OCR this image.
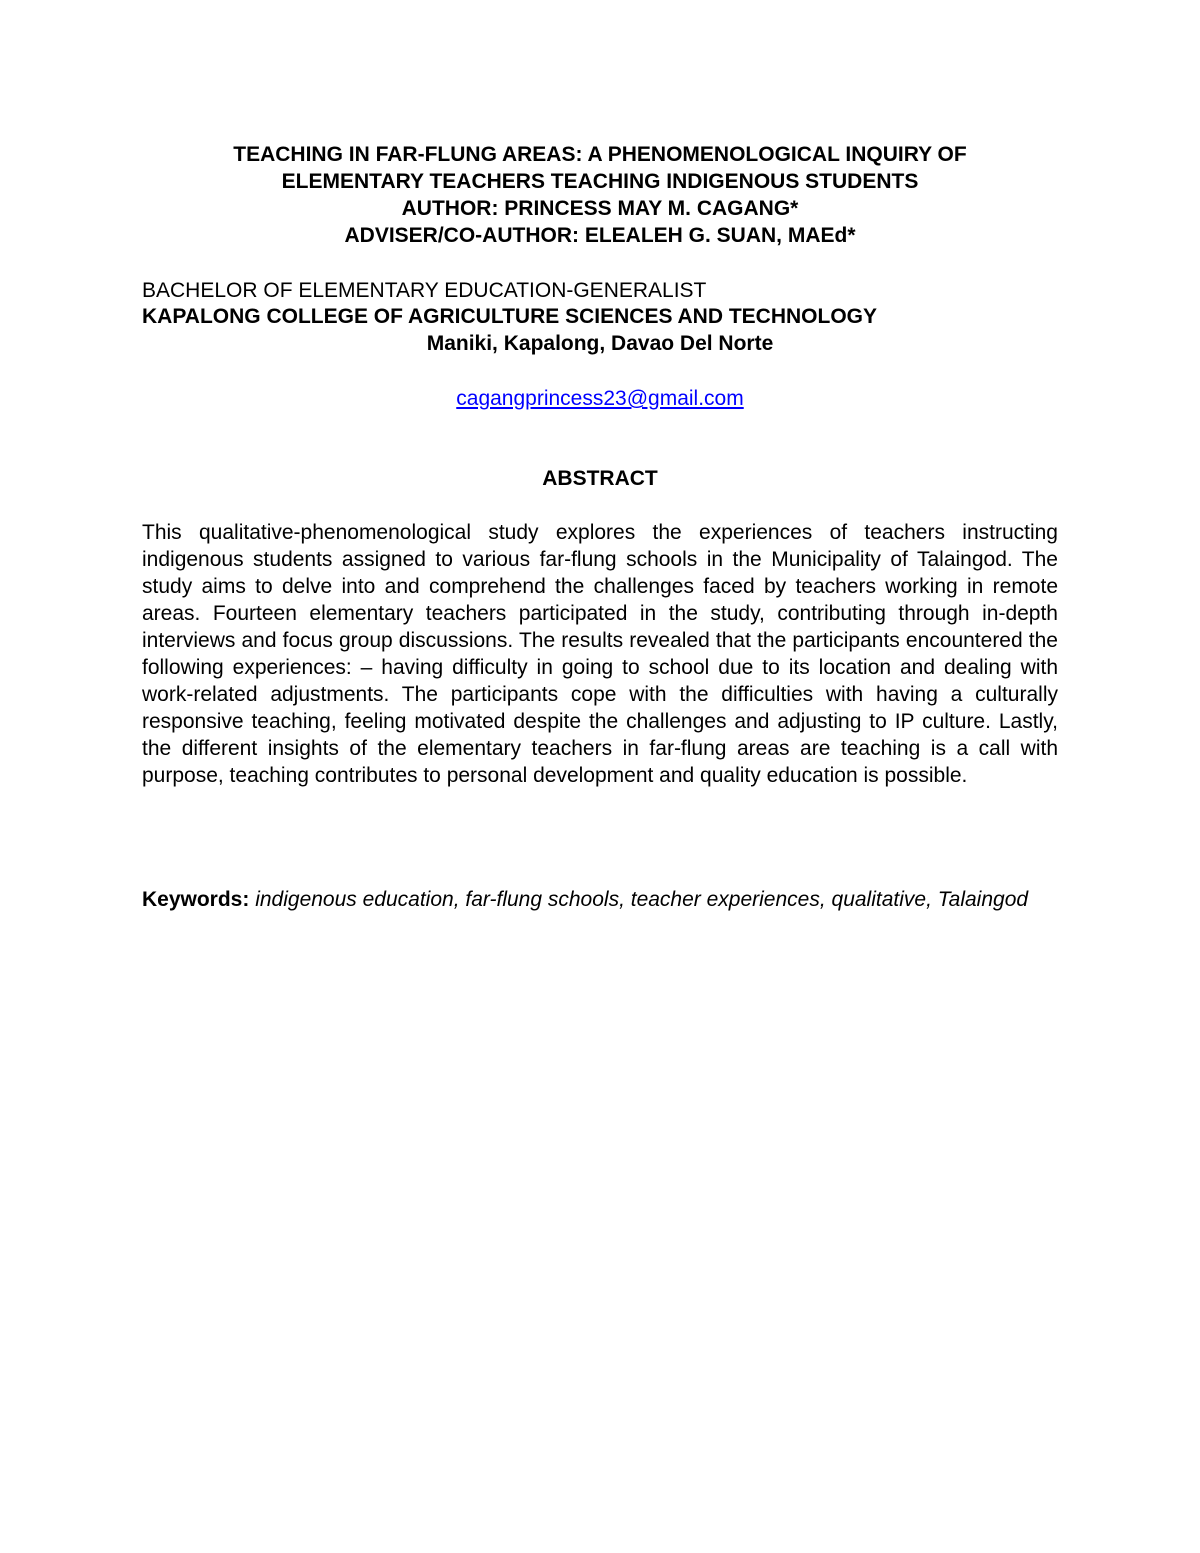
TEACHING IN FAR-FLUNG AREAS: A PHENOMENOLOGICAL INQUIRY OF
ELEMENTARY TEACHERS TEACHING INDIGENOUS STUDENTS
AUTHOR: PRINCESS MAY M. CAGANG*
ADVISER/CO-AUTHOR: ELEALEH G. SUAN, MAEd*
BACHELOR OF ELEMENTARY EDUCATION-GENERALIST
KAPALONG COLLEGE OF AGRICULTURE SCIENCES AND TECHNOLOGY
Maniki, Kapalong, Davao Del Norte
cagangprincess23@gmail.com
ABSTRACT
This qualitative-phenomenological study explores the experiences of teachers instructing indigenous students assigned to various far-flung schools in the Municipality of Talaingod. The study aims to delve into and comprehend the challenges faced by teachers working in remote areas. Fourteen elementary teachers participated in the study, contributing through in-depth interviews and focus group discussions. The results revealed that the participants encountered the following experiences: – having difficulty in going to school due to its location and dealing with work-related adjustments. The participants cope with the difficulties with having a culturally responsive teaching, feeling motivated despite the challenges and adjusting to IP culture. Lastly, the different insights of the elementary teachers in far-flung areas are teaching is a call with purpose, teaching contributes to personal development and quality education is possible.
Keywords: indigenous education, far-flung schools, teacher experiences, qualitative, Talaingod
